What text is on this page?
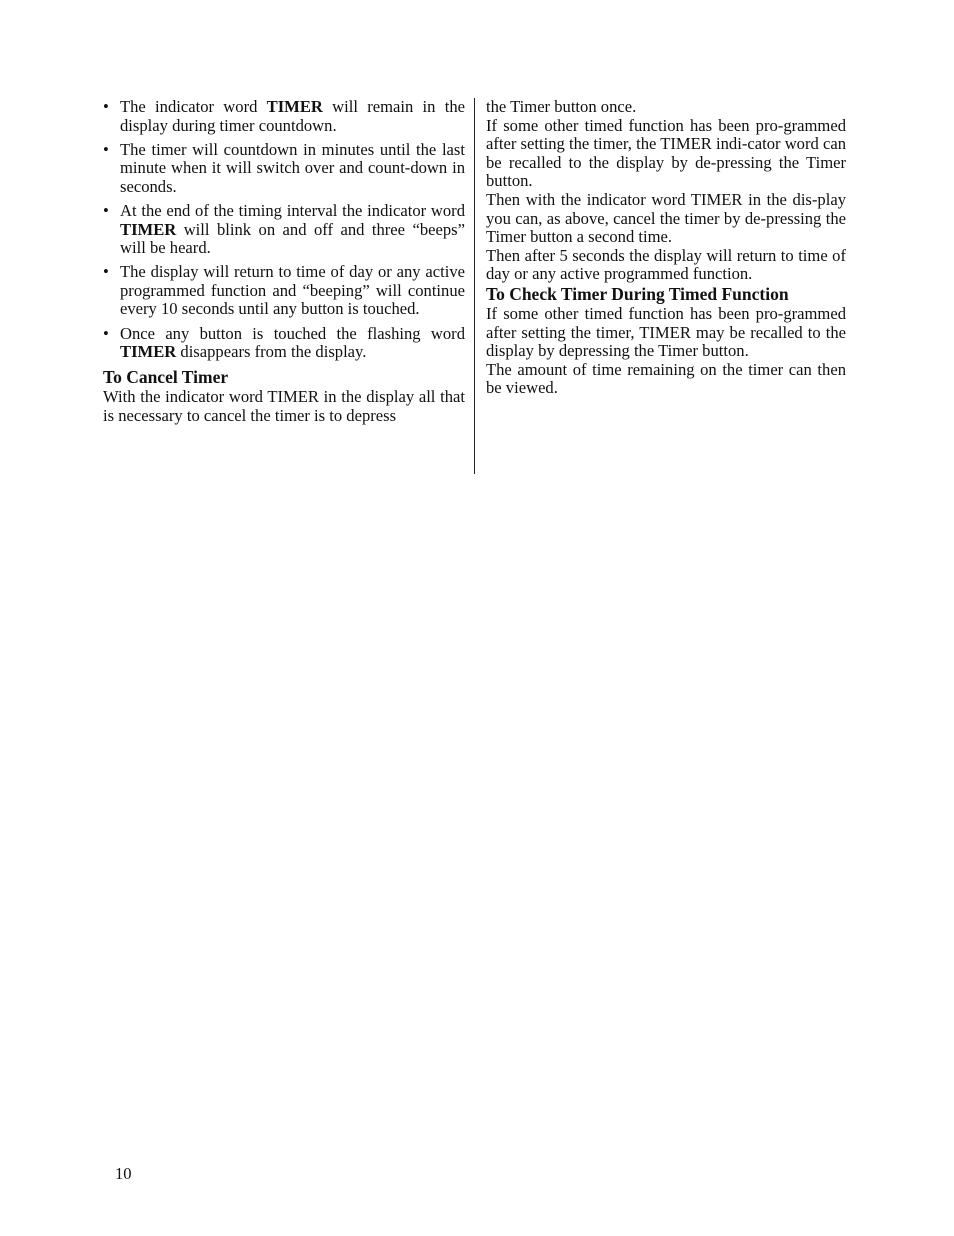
• The indicator word TIMER will remain in the display during timer countdown.
• The timer will countdown in minutes until the last minute when it will switch over and count-down in seconds.
• At the end of the timing interval the indicator word TIMER will blink on and off and three “beeps” will be heard.
• The display will return to time of day or any active programmed function and “beeping” will continue every 10 seconds until any button is touched.
• Once any button is touched the flashing word TIMER disappears from the display.
To Cancel Timer

With the indicator word TIMER in the display all that is necessary to cancel the timer is to depress

the Timer button once.

If some other timed function has been pro-grammed after setting the timer, the TIMER indi-cator word can be recalled to the display by de-pressing the Timer button.

Then with the indicator word TIMER in the dis-play you can, as above, cancel the timer by de-pressing the Timer button a second time.

Then after 5 seconds the display will return to time of day or any active programmed function.

To Check Timer During Timed Function

If some other timed function has been pro-grammed after setting the timer, TIMER may be recalled to the display by depressing the Timer button.

The amount of time remaining on the timer can then be viewed.

10
